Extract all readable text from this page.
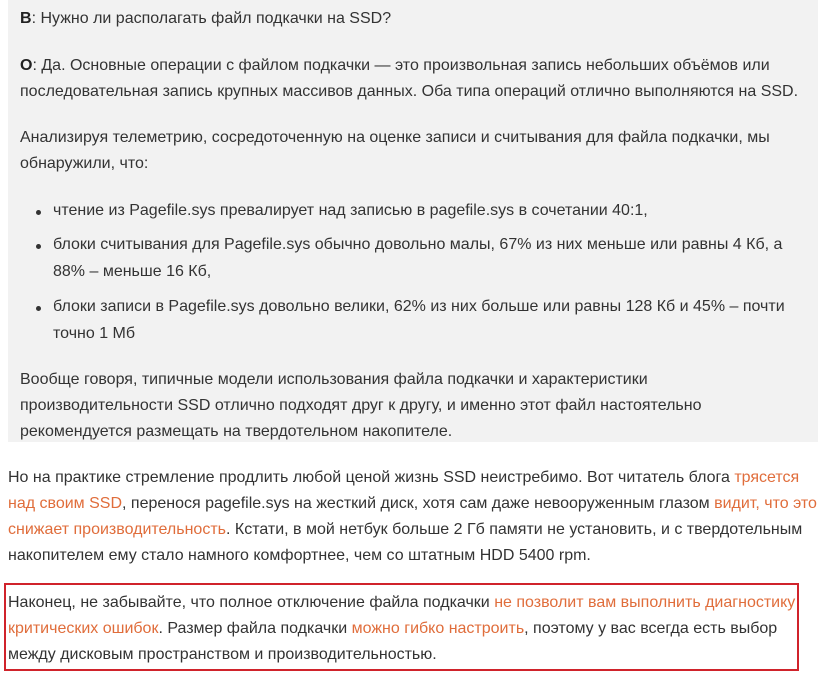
В: Нужно ли располагать файл подкачки на SSD?
О: Да. Основные операции с файлом подкачки — это произвольная запись небольших объёмов или
последовательная запись крупных массивов данных. Оба типа операций отлично выполняются на SSD.
Анализируя телеметрию, сосредоточенную на оценке записи и считывания для файла подкачки, мы
обнаружили, что:
чтение из Pagefile.sys превалирует над записью в pagefile.sys в сочетании 40:1,
блоки считывания для Pagefile.sys обычно довольно малы, 67% из них меньше или равны 4 Кб, а
88% – меньше 16 Кб,
блоки записи в Pagefile.sys довольно велики, 62% из них больше или равны 128 Кб и 45% – почти
точно 1 Мб
Вообще говоря, типичные модели использования файла подкачки и характеристики
производительности SSD отлично подходят друг к другу, и именно этот файл настоятельно
рекомендуется размещать на твердотельном накопителе.
Но на практике стремление продлить любой ценой жизнь SSD неистребимо. Вот читатель блога трясется
над своим SSD, перенося pagefile.sys на жесткий диск, хотя сам даже невооруженным глазом видит, что это
снижает производительность. Кстати, в мой нетбук больше 2 Гб памяти не установить, и с твердотельным
накопителем ему стало намного комфортнее, чем со штатным HDD 5400 rpm.
Наконец, не забывайте, что полное отключение файла подкачки не позволит вам выполнить диагностику
критических ошибок. Размер файла подкачки можно гибко настроить, поэтому у вас всегда есть выбор
между дисковым пространством и производительностью.
